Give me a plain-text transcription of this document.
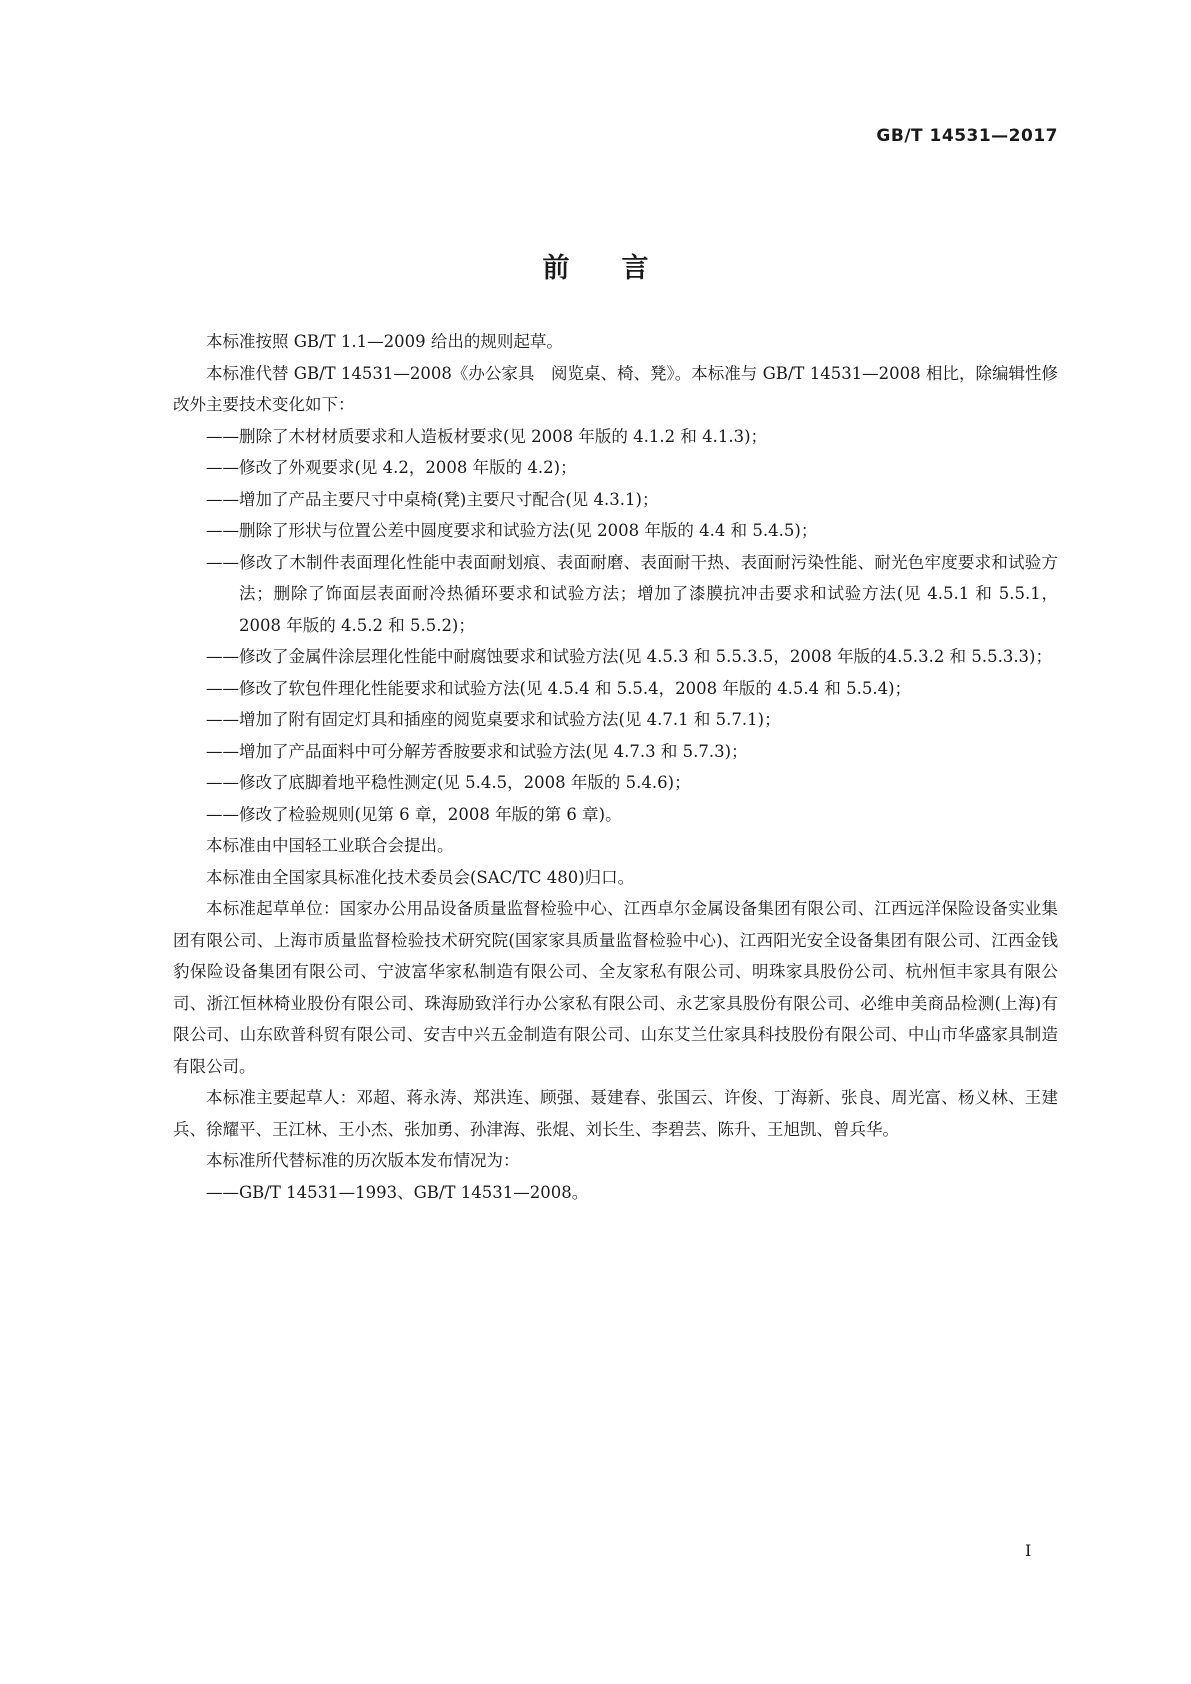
GB/T 14531—2017
前言

本标准按照 GB/T 1.1—2009 给出的规则起草。

本标准代替 GB/T 14531—2008《办公家具　阅览桌、椅、凳》。本标准与 GB/T 14531—2008 相比，除编辑性修改外主要技术变化如下：

——删除了木材材质要求和人造板材要求(见 2008 年版的 4.1.2 和 4.1.3)；

——修改了外观要求(见 4.2，2008 年版的 4.2)；

——增加了产品主要尺寸中桌椅(凳)主要尺寸配合(见 4.3.1)；

——删除了形状与位置公差中圆度要求和试验方法(见 2008 年版的 4.4 和 5.4.5)；

——修改了木制件表面理化性能中表面耐划痕、表面耐磨、表面耐干热、表面耐污染性能、耐光色牢度要求和试验方法；删除了饰面层表面耐冷热循环要求和试验方法；增加了漆膜抗冲击要求和试验方法(见 4.5.1 和 5.5.1，2008 年版的 4.5.2 和 5.5.2)；

——修改了金属件涂层理化性能中耐腐蚀要求和试验方法(见 4.5.3 和 5.5.3.5，2008 年版的4.5.3.2 和 5.5.3.3)；

——修改了软包件理化性能要求和试验方法(见 4.5.4 和 5.5.4，2008 年版的 4.5.4 和 5.5.4)；

——增加了附有固定灯具和插座的阅览桌要求和试验方法(见 4.7.1 和 5.7.1)；

——增加了产品面料中可分解芳香胺要求和试验方法(见 4.7.3 和 5.7.3)；

——修改了底脚着地平稳性测定(见 5.4.5，2008 年版的 5.4.6)；

——修改了检验规则(见第 6 章，2008 年版的第 6 章)。

本标准由中国轻工业联合会提出。

本标准由全国家具标准化技术委员会(SAC/TC 480)归口。

本标准起草单位：国家办公用品设备质量监督检验中心、江西卓尔金属设备集团有限公司、江西远洋保险设备实业集团有限公司、上海市质量监督检验技术研究院(国家家具质量监督检验中心)、江西阳光安全设备集团有限公司、江西金钱豹保险设备集团有限公司、宁波富华家私制造有限公司、全友家私有限公司、明珠家具股份公司、杭州恒丰家具有限公司、浙江恒林椅业股份有限公司、珠海励致洋行办公家私有限公司、永艺家具股份有限公司、必维申美商品检测(上海)有限公司、山东欧普科贸有限公司、安吉中兴五金制造有限公司、山东艾兰仕家具科技股份有限公司、中山市华盛家具制造有限公司。

本标准主要起草人：邓超、蒋永涛、郑洪连、顾强、聂建春、张国云、许俊、丁海新、张良、周光富、杨义林、王建兵、徐耀平、王江林、王小杰、张加勇、孙津海、张焜、刘长生、李碧芸、陈升、王旭凯、曾兵华。

本标准所代替标准的历次版本发布情况为：

——GB/T 14531—1993、GB/T 14531—2008。

I
